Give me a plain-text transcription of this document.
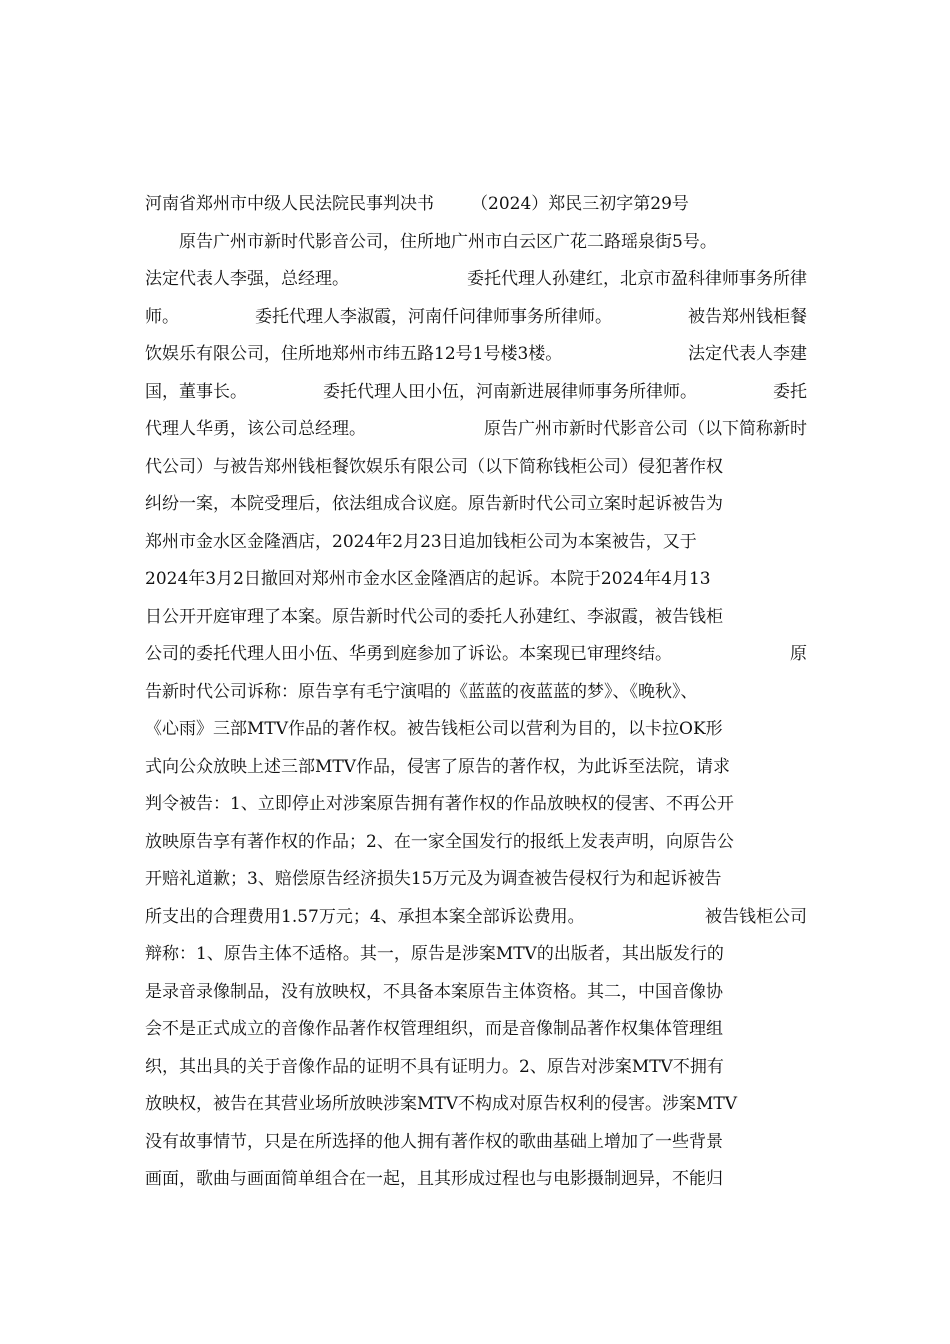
河南省郑州市中级人民法院民事判决书 （2024）郑民三初字第29号
原告广州市新时代影音公司，住所地广州市白云区广花二路瑶泉街5号。
法定代表人李强，总经理。	委托代理人孙建红，北京市盈科律师事务所律
师。	委托代理人李淑霞，河南仟问律师事务所律师。	被告郑州钱柜餐
饮娱乐有限公司，住所地郑州市纬五路12号1号楼3楼。	法定代表人李建
国，董事长。	委托代理人田小伍，河南新进展律师事务所律师。	委托
代理人华勇，该公司总经理。	原告广州市新时代影音公司（以下简称新时
代公司）与被告郑州钱柜餐饮娱乐有限公司（以下简称钱柜公司）侵犯著作权
纠纷一案，本院受理后，依法组成合议庭。原告新时代公司立案时起诉被告为
郑州市金水区金隆酒店，2024年2月23日追加钱柜公司为本案被告，又于
2024年3月2日撤回对郑州市金水区金隆酒店的起诉。本院于2024年4月13
日公开开庭审理了本案。原告新时代公司的委托人孙建红、李淑霞，被告钱柜
公司的委托代理人田小伍、华勇到庭参加了诉讼。本案现已审理终结。	原
告新时代公司诉称：原告享有毛宁演唱的《蓝蓝的夜蓝蓝的梦》、《晚秋》、
《心雨》三部MTV作品的著作权。被告钱柜公司以营利为目的，以卡拉OK形
式向公众放映上述三部MTV作品，侵害了原告的著作权，为此诉至法院，请求
判令被告：1、立即停止对涉案原告拥有著作权的作品放映权的侵害、不再公开
放映原告享有著作权的作品；2、在一家全国发行的报纸上发表声明，向原告公
开赔礼道歉；3、赔偿原告经济损失15万元及为调查被告侵权行为和起诉被告
所支出的合理费用1.57万元；4、承担本案全部诉讼费用。	被告钱柜公司
辩称：1、原告主体不适格。其一，原告是涉案MTV的出版者，其出版发行的
是录音录像制品，没有放映权，不具备本案原告主体资格。其二，中国音像协
会不是正式成立的音像作品著作权管理组织，而是音像制品著作权集体管理组
织，其出具的关于音像作品的证明不具有证明力。2、原告对涉案MTV不拥有
放映权，被告在其营业场所放映涉案MTV不构成对原告权利的侵害。涉案MTV
没有故事情节，只是在所选择的他人拥有著作权的歌曲基础上增加了一些背景
画面，歌曲与画面简单组合在一起，且其形成过程也与电影摄制迥异，不能归
